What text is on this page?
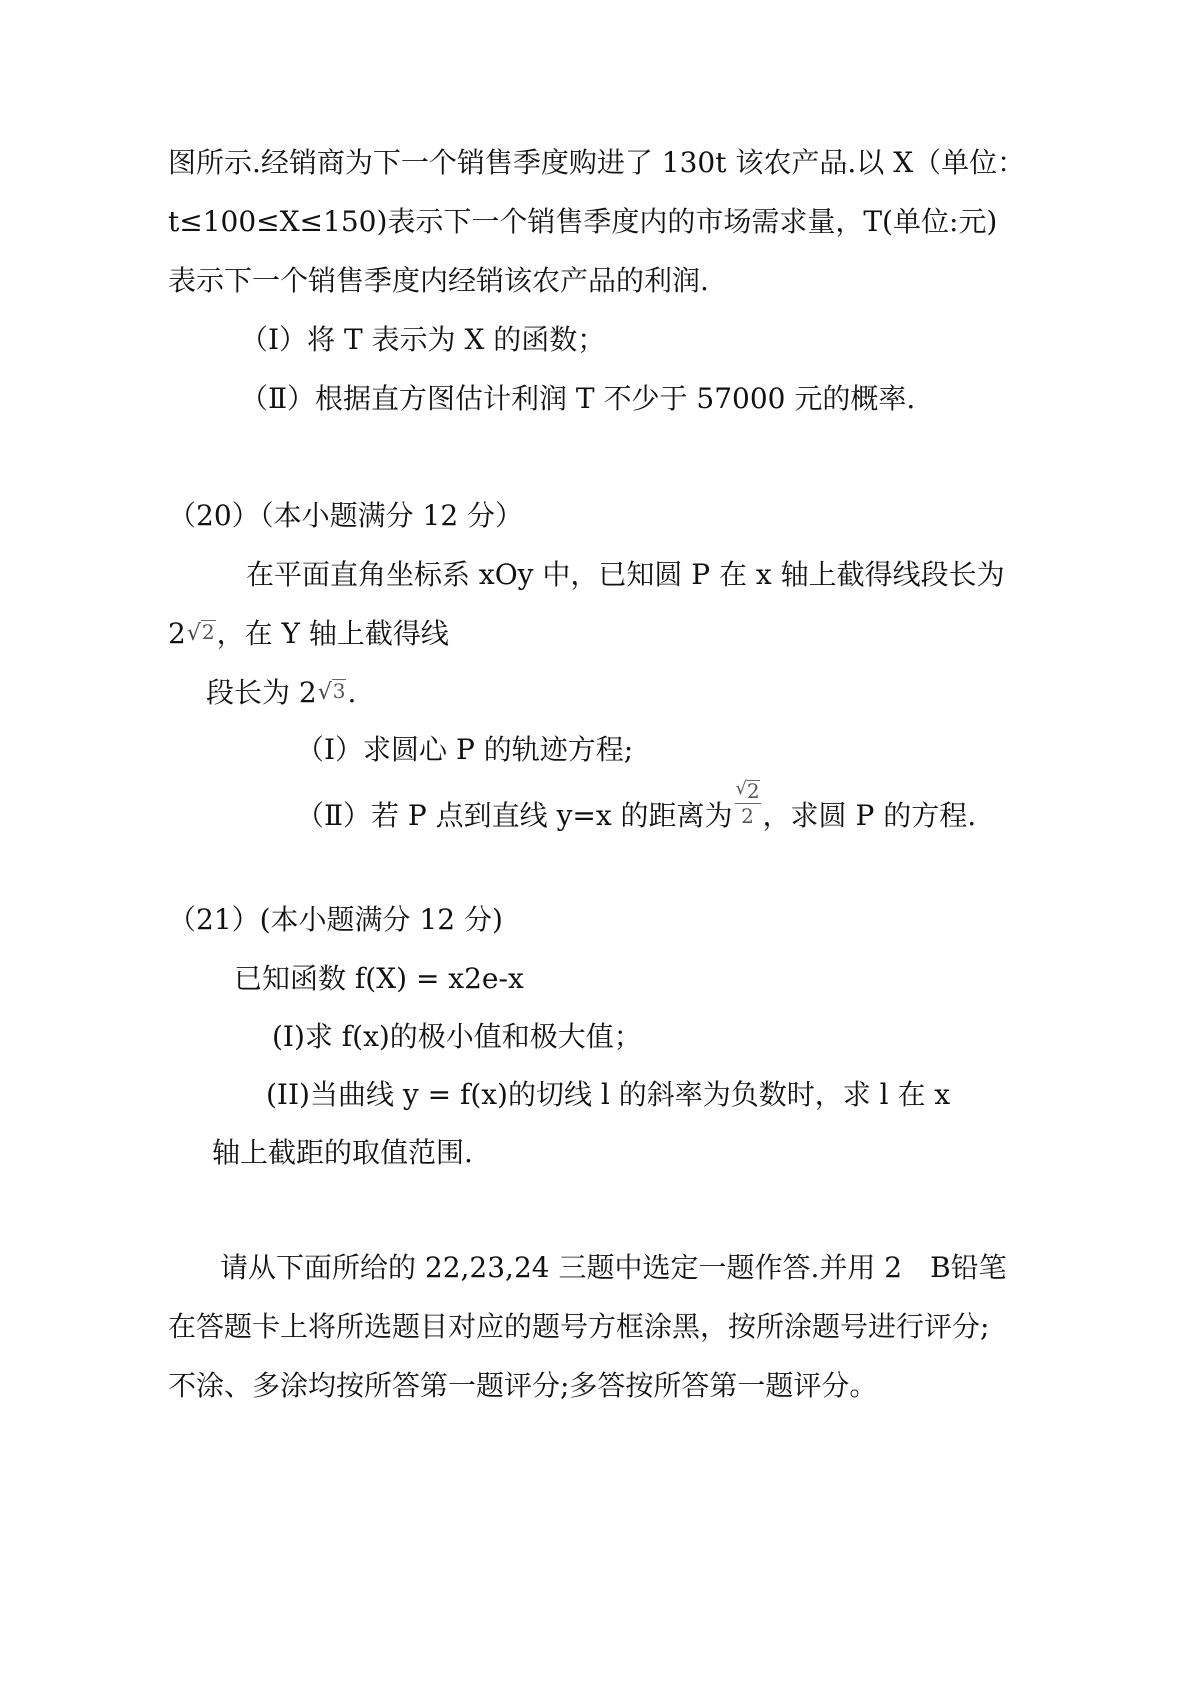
图所示.经销商为下一个销售季度购进了 130t 该农产品.以 X（单位：
t≤100≤X≤150)表示下一个销售季度内的市场需求量，T(单位:元)
表示下一个销售季度内经销该农产品的利润.
（Ⅰ）将 T 表示为 X 的函数；
（Ⅱ）根据直方图估计利润 T 不少于 57000 元的概率.
（20）（本小题满分 12 分）
在平面直角坐标系 xOy 中，已知圆 P 在 x 轴上截得线段长为
2 √ 2 ，在 Y 轴上截得线
段长为 2 √ 3 .
（Ⅰ）求圆心 P 的轨迹方程;
（Ⅱ）若 P 点到直线 y=x 的距离为 $\frac{√ 2}{2}$ ，求圆 P 的方程.
（21）(本小题满分 12 分)
已知函数 f(X) = x2e-x
(I)求 f(x)的极小值和极大值；
(II)当曲线 y = f(x)的切线 l 的斜率为负数时，求 l 在 x
轴上截距的取值范围.
请从下面所给的 22,23,24 三题中选定一题作答.并用 2　B铅笔
在答题卡上将所选题目对应的题号方框涂黑，按所涂题号进行评分;
不涂、多涂均按所答第一题评分;多答按所答第一题评分。
